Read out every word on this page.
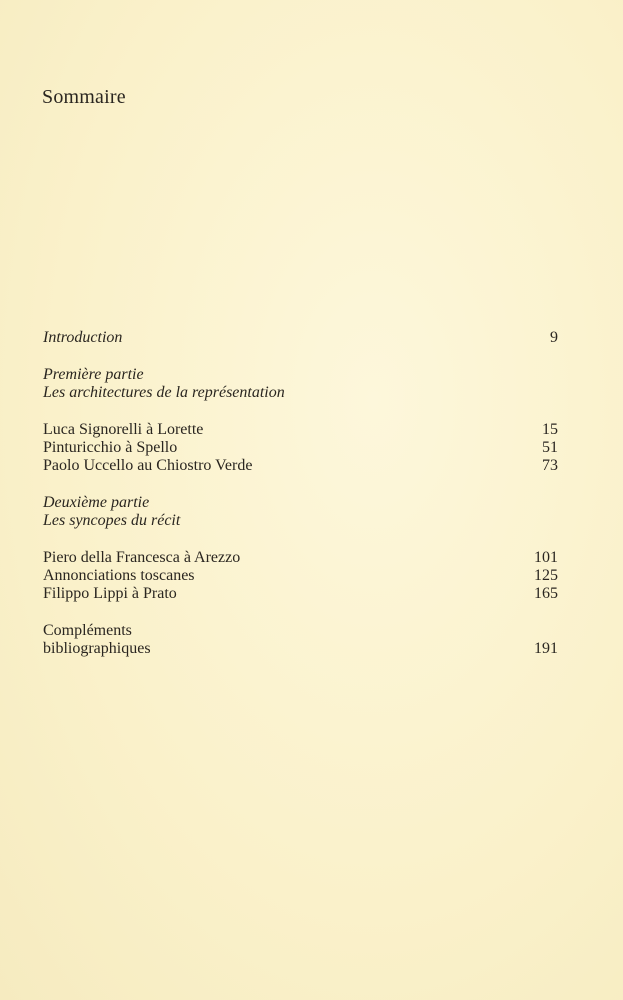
Sommaire
Introduction	9
Première partie
Les architectures de la représentation
Luca Signorelli à Lorette	15
Pinturicchio à Spello	51
Paolo Uccello au Chiostro Verde	73
Deuxième partie
Les syncopes du récit
Piero della Francesca à Arezzo	101
Annonciations toscanes	125
Filippo Lippi à Prato	165
Compléments
bibliographiques	191
